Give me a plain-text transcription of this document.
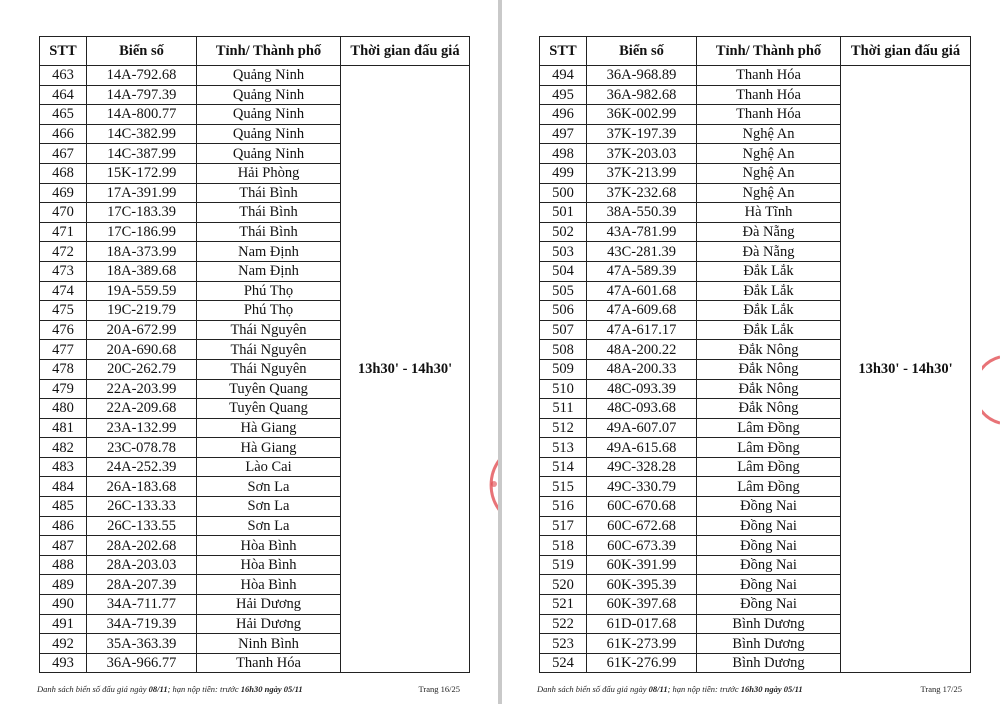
STT	Biển số	Tỉnh/ Thành phố	Thời gian đấu giá
463	14A-792.68	Quảng Ninh	13h30' - 14h30'
464	14A-797.39	Quảng Ninh	
465	14A-800.77	Quảng Ninh	
466	14C-382.99	Quảng Ninh	
467	14C-387.99	Quảng Ninh	
468	15K-172.99	Hải Phòng	
469	17A-391.99	Thái Bình	
470	17C-183.39	Thái Bình	
471	17C-186.99	Thái Bình	
472	18A-373.99	Nam Định	
473	18A-389.68	Nam Định	
474	19A-559.59	Phú Thọ	
475	19C-219.79	Phú Thọ	
476	20A-672.99	Thái Nguyên	
477	20A-690.68	Thái Nguyên	
478	20C-262.79	Thái Nguyên	
479	22A-203.99	Tuyên Quang	
480	22A-209.68	Tuyên Quang	
481	23A-132.99	Hà Giang	
482	23C-078.78	Hà Giang	
483	24A-252.39	Lào Cai	
484	26A-183.68	Sơn La	
485	26C-133.33	Sơn La	
486	26C-133.55	Sơn La	
487	28A-202.68	Hòa Bình	
488	28A-203.03	Hòa Bình	
489	28A-207.39	Hòa Bình	
490	34A-711.77	Hải Dương	
491	34A-719.39	Hải Dương	
492	35A-363.39	Ninh Bình	
493	36A-966.77	Thanh Hóa	
Danh sách biển số đấu giá ngày 08/11; hạn nộp tiền: trước 16h30 ngày 05/11	Trang 16/25
STT	Biển số	Tỉnh/ Thành phố	Thời gian đấu giá
494	36A-968.89	Thanh Hóa	13h30' - 14h30'
495	36A-982.68	Thanh Hóa	
496	36K-002.99	Thanh Hóa	
497	37K-197.39	Nghệ An	
498	37K-203.03	Nghệ An	
499	37K-213.99	Nghệ An	
500	37K-232.68	Nghệ An	
501	38A-550.39	Hà Tĩnh	
502	43A-781.99	Đà Nẵng	
503	43C-281.39	Đà Nẵng	
504	47A-589.39	Đắk Lắk	
505	47A-601.68	Đắk Lắk	
506	47A-609.68	Đắk Lắk	
507	47A-617.17	Đắk Lắk	
508	48A-200.22	Đắk Nông	
509	48A-200.33	Đắk Nông	
510	48C-093.39	Đắk Nông	
511	48C-093.68	Đắk Nông	
512	49A-607.07	Lâm Đồng	
513	49A-615.68	Lâm Đồng	
514	49C-328.28	Lâm Đồng	
515	49C-330.79	Lâm Đồng	
516	60C-670.68	Đồng Nai	
517	60C-672.68	Đồng Nai	
518	60C-673.39	Đồng Nai	
519	60K-391.99	Đồng Nai	
520	60K-395.39	Đồng Nai	
521	60K-397.68	Đồng Nai	
522	61D-017.68	Bình Dương	
523	61K-273.99	Bình Dương	
524	61K-276.99	Bình Dương	
Danh sách biển số đấu giá ngày 08/11; hạn nộp tiền: trước 16h30 ngày 05/11	Trang 17/25
